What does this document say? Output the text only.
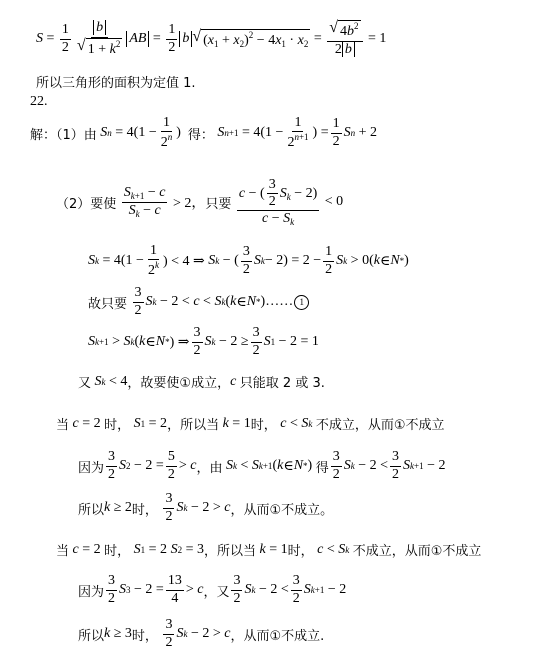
$S = \frac{1}{2} \frac{b}{√ 1 + k^2}$ AB = $\frac{1}{2}$ b √ $(x_1 + x_2)^2 - 4x_1 \cdot x_2 = \frac{√ 4b^2}{2 b} = 1$
所以三角形的面积为定值 1.
22.
解：（1）由
S $n = 4(1 - \frac{1}{2^n}$ ) 得：
S $n+1 = 4(1 - \frac{1}{2^{n+1}}$ ) = $\frac{1}{2}$ S n + 2
（2）要使
$\frac{S_{k+1} - c}{S_k - c} > 2$， 只要
$\frac{c - ( \frac{3}{2} S_k - 2)}{c - S_k} < 0$
S $k = 4(1 - \frac{1}{2^k}$ ) < 4 ⇒ S k − ( $\frac{3}{2}$ S $k - 2) = 2 - \frac{1}{2}$ S k > 0( k ∈ N * )
故只要
$\frac{3}{2}$ S k − 2 < c < S k ( k ∈ N * )…… 1
S k+1 > S k ( k ∈ N * ) ⇒ $\frac{3}{2}$ S $k - 2 \ge \frac{3}{2}$ S 1 − 2 = 1
又
S k < 4 ，故要使①成立， c
只能取 2 或 3.
当
c = 2 时，
S 1 = 2 ，所以当
k = 1 时，
c < S k
不成立，从而①不成立
因为 $\frac{3}{2}$ S $2 - 2 = \frac{5}{2} > c$ ，由
S k < S k+1 ( k ∈ N * ) 得 $\frac{3}{2}$ S $k - 2 < \frac{3}{2}$ S k+1 − 2
所以 k ≥ 2 时，
$\frac{3}{2}$ S k − 2 > c ，从而①不成立。
当
c = 2 时，
S 1 = 2 S 2 = 3 ，所以当
k = 1 时，
c < S k
不成立，从而①不成立
因为 $\frac{3}{2}$ S $3 - 2 = \frac{13}{4} > c$ ，又 $\frac{3}{2}$ S $k - 2 < \frac{3}{2}$ S k+1 − 2
所以 k ≥ 3 时，
$\frac{3}{2}$ S k − 2 > c ，从而①不成立.
